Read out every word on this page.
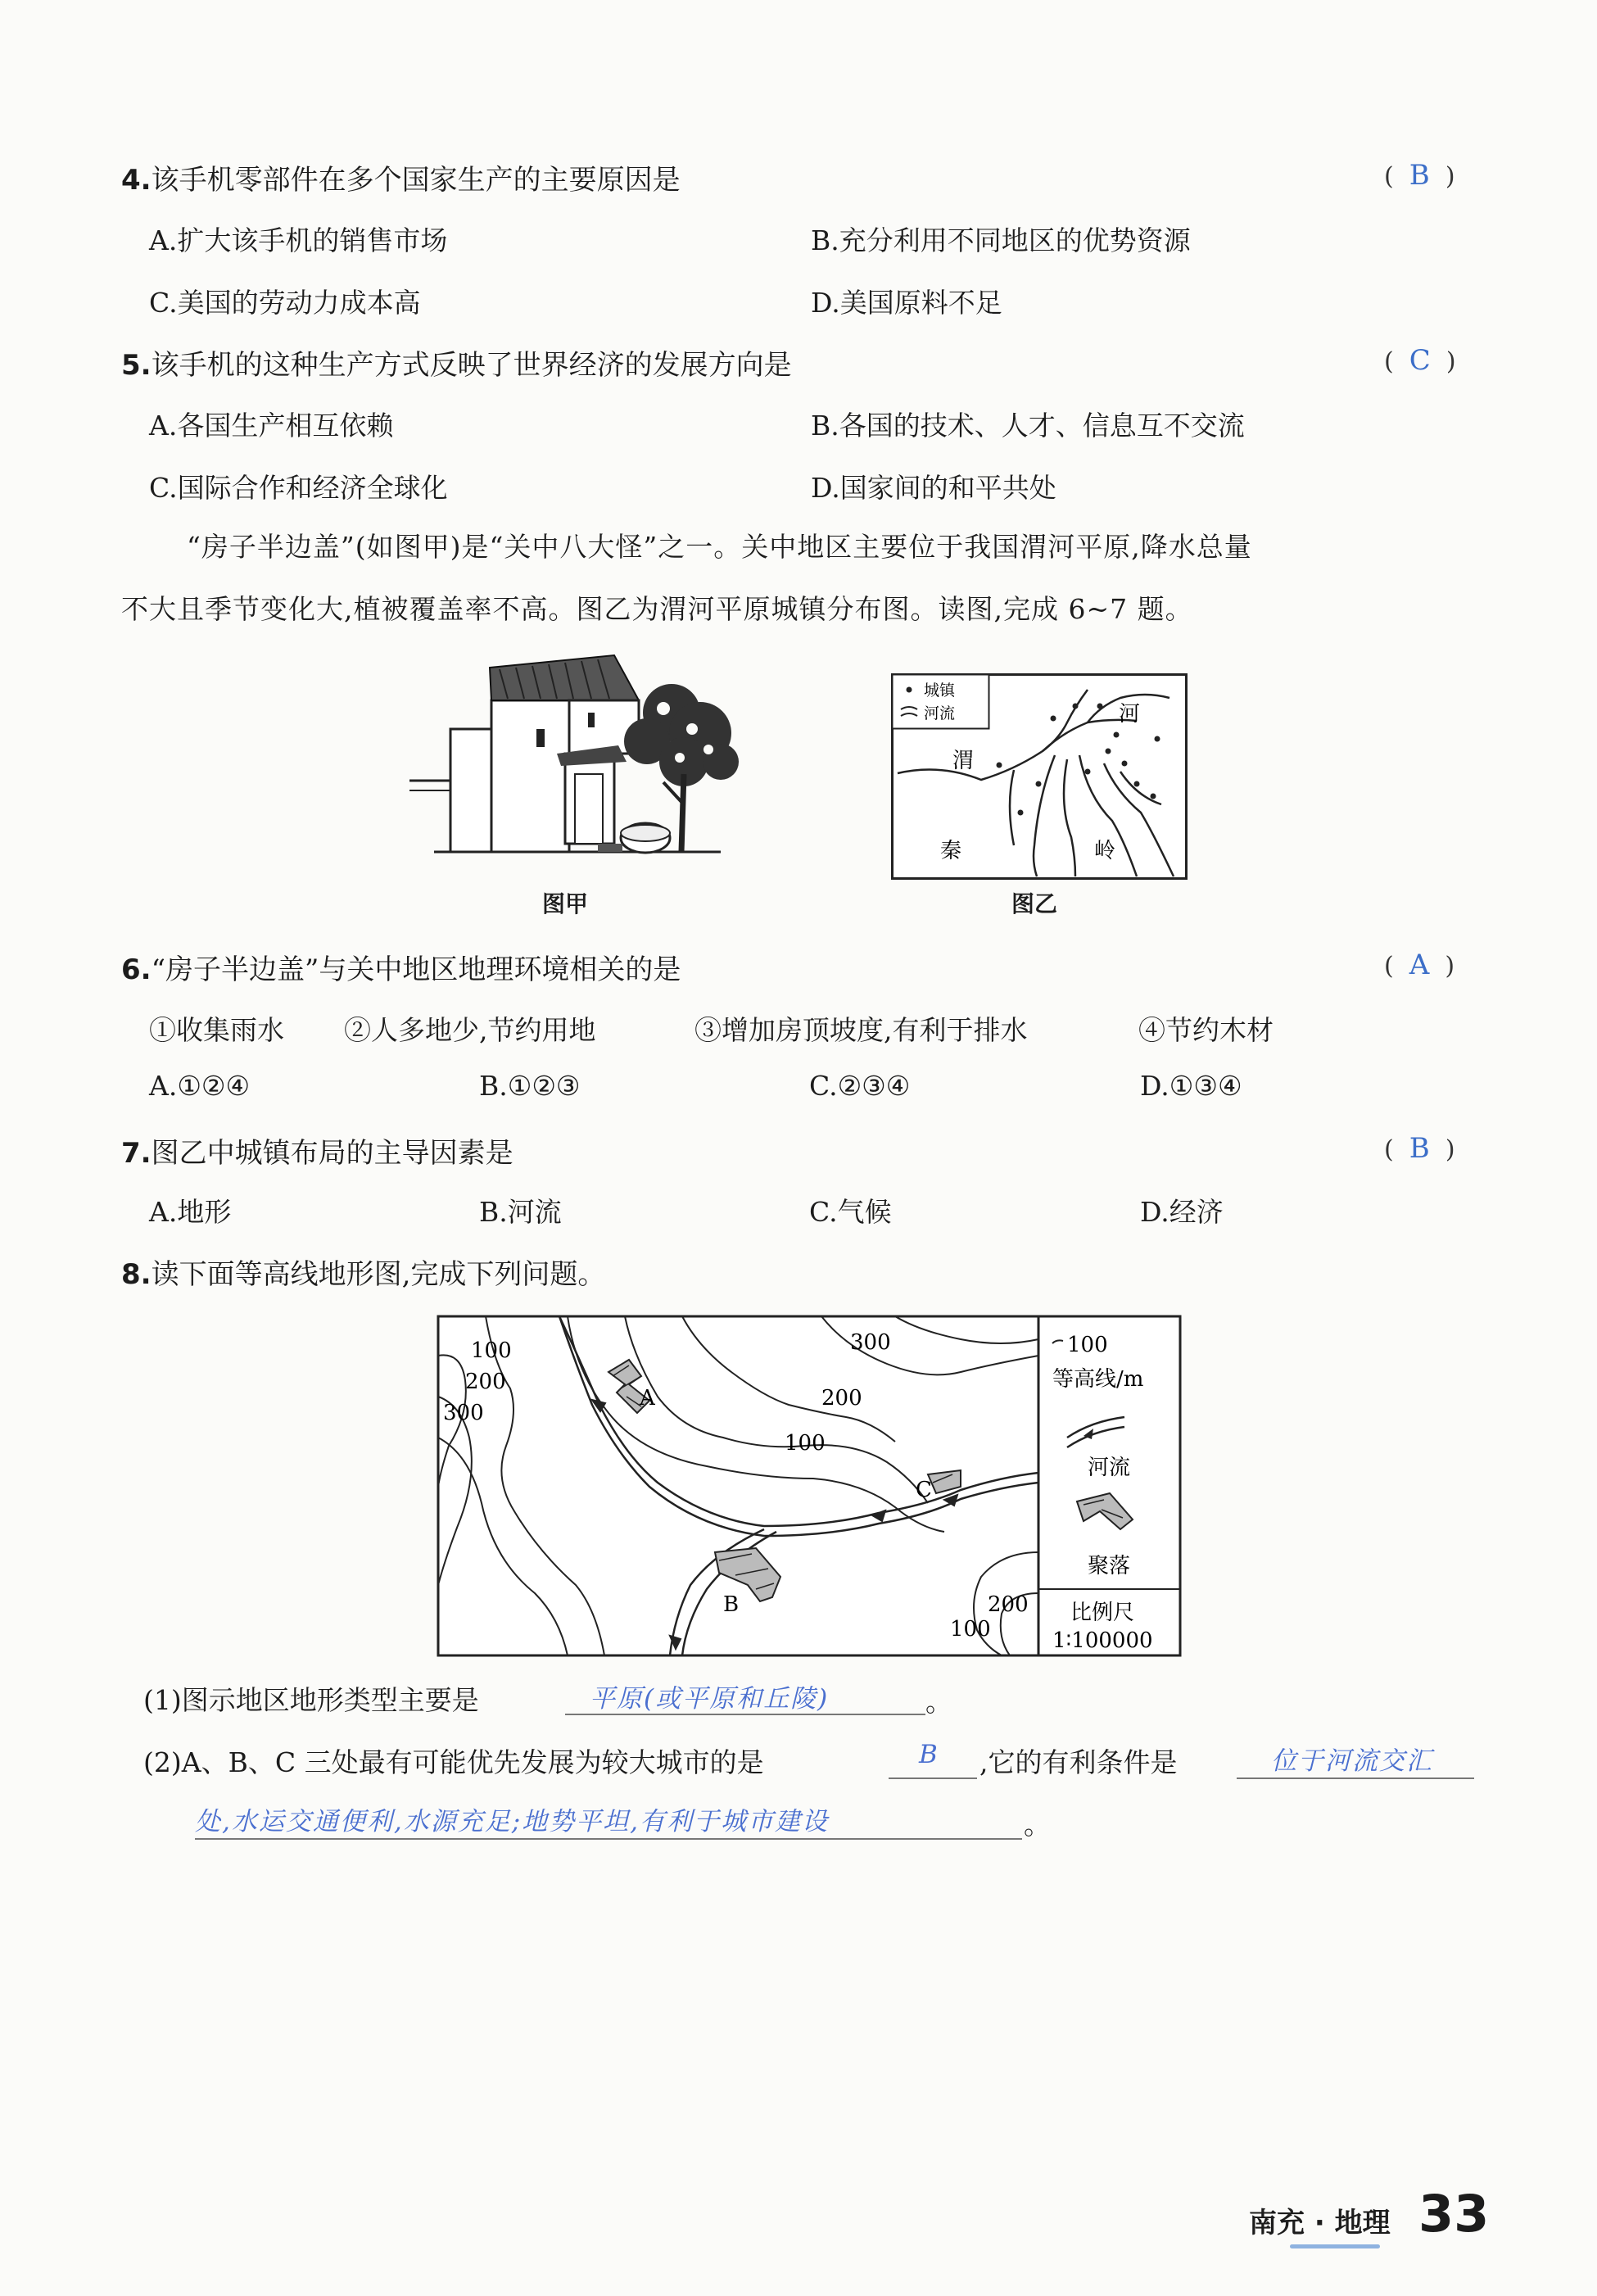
4.该手机零部件在多个国家生产的主要原因是	(  B  )
A.扩大该手机的销售市场	B.充分利用不同地区的优势资源
C.美国的劳动力成本高	D.美国原料不足
5.该手机的这种生产方式反映了世界经济的发展方向是	(  C  )
A.各国生产相互依赖	B.各国的技术、人才、信息互不交流
C.国际合作和经济全球化	D.国家间的和平共处
“房子半边盖”(如图甲)是“关中八大怪”之一。关中地区主要位于我国渭河平原,降水总量
不大且季节变化大,植被覆盖率不高。图乙为渭河平原城镇分布图。读图,完成 6~7 题。
图甲
城镇
河流
渭
河
秦	岭
图乙
6.“房子半边盖”与关中地区地理环境相关的是	(  A  )
①收集雨水 ②人多地少,节约用地	③增加房顶坡度,有利于排水	④节约木材
A.①②④	B.①②③	C.②③④	D.①③④
7.图乙中城镇布局的主导因素是	(  B  )
A.地形	B.河流	C.气候	D.经济
8.读下面等高线地形图,完成下列问题。
100
200
300
300
200
100
200
100
A
B
C
100
等高线/m
河流
聚落
比例尺
1∶100000
(1)图示地区地形类型主要是	平原(或平原和丘陵)	。
(2)A、B、C 三处最有可能优先发展为较大城市的是	B ,它的有利条件是	位于河流交汇
处,水运交通便利,水源充足;地势平坦,有利于城市建设	。
南充 · 地理 33
